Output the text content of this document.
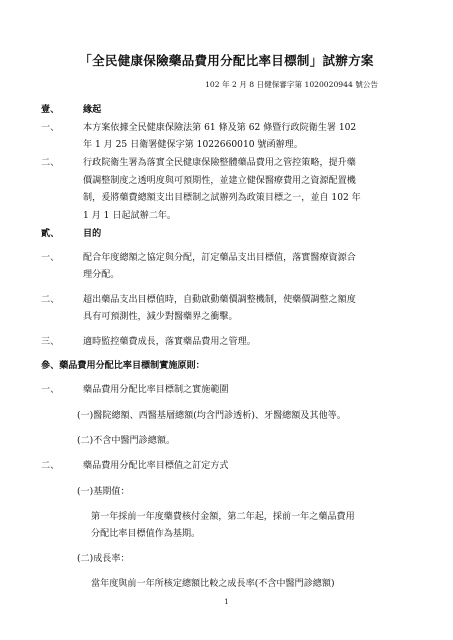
「全民健康保險藥品費用分配比率目標制」試辦方案
102 年 2 月 8 日健保審字第 1020020944 號公告
壹、	緣起
一、	本方案依據全民健康保險法第 61 條及第 62 條暨行政院衛生署 102
年 1 月 25 日衛署健保字第 1022660010 號函辦理。
二、	行政院衛生署為落實全民健康保險整體藥品費用之管控策略，提升藥
價調整制度之透明度與可預期性，並建立健保醫療費用之資源配置機
制，爰將藥費總額支出目標制之試辦列為政策目標之一，並自 102 年
1 月 1 日起試辦二年。
貳、	目的
一、	配合年度總額之協定與分配，訂定藥品支出目標值，落實醫療資源合
理分配。
二、	超出藥品支出目標值時，自動啟動藥價調整機制，使藥價調整之額度
具有可預測性，減少對醫藥界之衝擊。
三、	適時監控藥費成長，落實藥品費用之管理。
參、藥品費用分配比率目標制實施原則：
一、	藥品費用分配比率目標制之實施範圍
(一)醫院總額、西醫基層總額(均含門診透析)、牙醫總額及其他等。
(二)不含中醫門診總額。
二、	藥品費用分配比率目標值之訂定方式
(一)基期值：
第一年採前一年度藥費核付金額，第二年起，採前一年之藥品費用
分配比率目標值作為基期。
(二)成長率：
當年度與前一年所核定總額比較之成長率(不含中醫門診總額)
1
